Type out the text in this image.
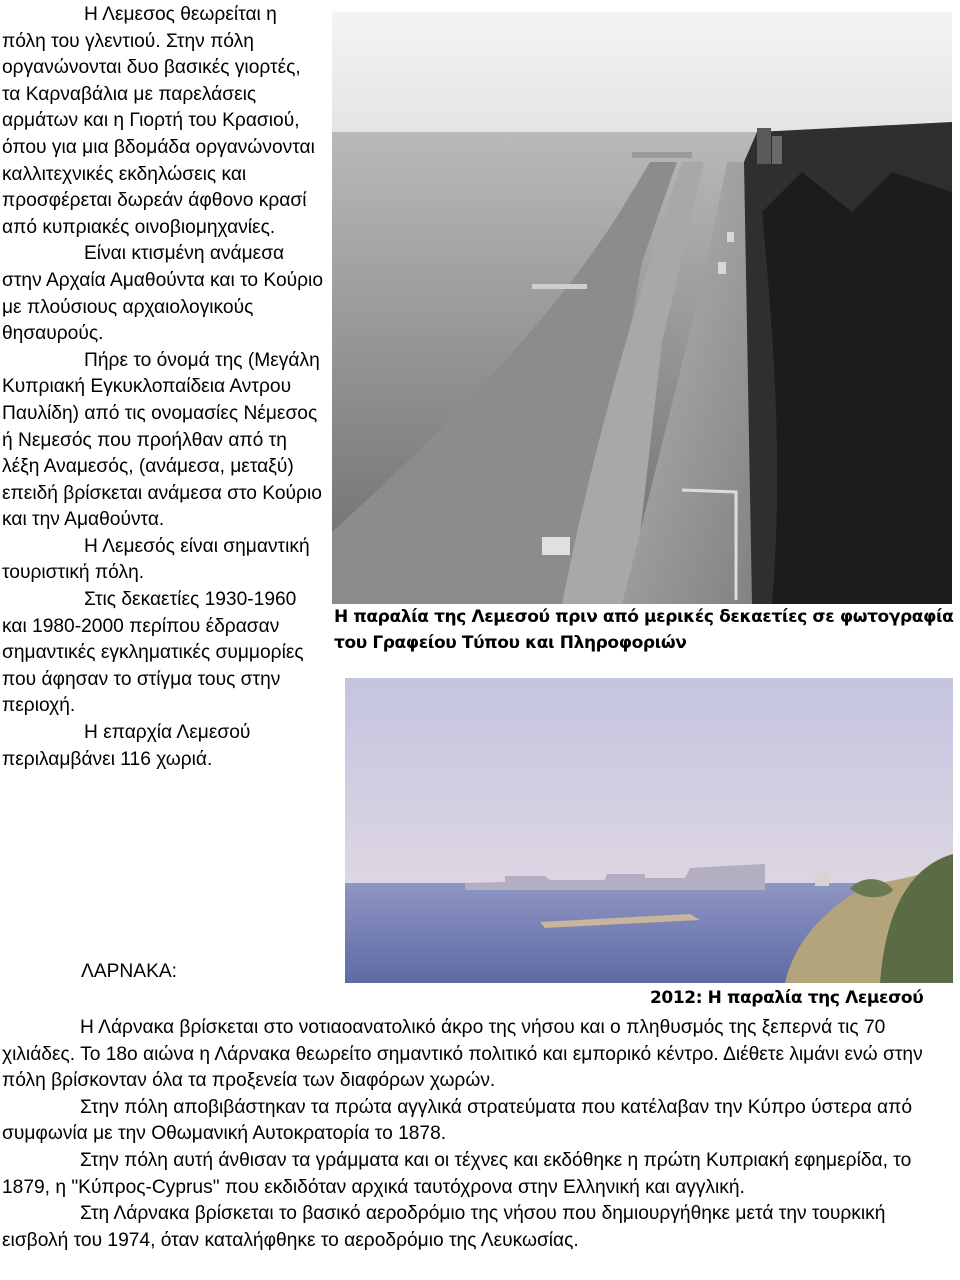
Η Λεμεσος θεωρείται η πόλη του γλεντιού. Στην πόλη οργανώνονται δυο βασικές γιορτές, τα Καρναβάλια με παρελάσεις αρμάτων και η Γιορτή του Κρασιού, όπου για μια βδομάδα οργανώνονται καλλιτεχνικές εκδηλώσεις και προσφέρεται δωρεάν άφθονο κρασί από κυπριακές οινοβιομηχανίες.

Είναι κτισμένη ανάμεσα στην Αρχαία Αμαθούντα και το Κούριο με πλούσιους αρχαιολογικούς θησαυρούς.

Πήρε το όνομά της (Μεγάλη Κυπριακή Εγκυκλοπαίδεια Αντρου Παυλίδη) από τις ονομασίες Νέμεσος ή Νεμεσός που προήλθαν από τη λέξη Αναμεσός, (ανάμεσα, μεταξύ) επειδή βρίσκεται ανάμεσα στο Κούριο και την Αμαθούντα.

Η Λεμεσός είναι σημαντική τουριστική πόλη.

Στις δεκαετίες 1930-1960 και 1980-2000 περίπου έδρασαν σημαντικές εγκληματικές συμμορίες που άφησαν το στίγμα τους στην περιοχή.

Η επαρχία Λεμεσού περιλαμβάνει 116 χωριά.

Η παραλία της Λεμεσού πριν από μερικές δεκαετίες σε φωτογραφία του Γραφείου Τύπου και Πληροφοριών
2012: Η παραλία της Λεμεσού
ΛΑΡΝΑΚΑ:

Η Λάρνακα βρίσκεται στο νοτιαοανατολικό άκρο της νήσου και ο πληθυσμός της ξεπερνά τις 70 χιλιάδες. Το 18ο αιώνα η Λάρνακα θεωρείτο σημαντικό πολιτικό και εμπορικό κέντρο. Διέθετε λιμάνι ενώ στην πόλη βρίσκονταν όλα τα προξενεία των διαφόρων χωρών.

Στην πόλη αποβιβάστηκαν τα πρώτα αγγλικά στρατεύματα που κατέλαβαν την Κύπρο ύστερα από συμφωνία με την Οθωμανική Αυτοκρατορία το 1878.

Στην πόλη αυτή άνθισαν τα γράμματα και οι τέχνες και εκδόθηκε η πρώτη Κυπριακή εφημερίδα, το 1879, η "Κύπρος-Cyprus" που εκδιδόταν αρχικά ταυτόχρονα στην Ελληνική και αγγλική.

Στη Λάρνακα βρίσκεται το βασικό αεροδρόμιο της νήσου που δημιουργήθηκε μετά την τουρκική εισβολή του 1974, όταν καταλήφθηκε το αεροδρόμιο της Λευκωσίας.
